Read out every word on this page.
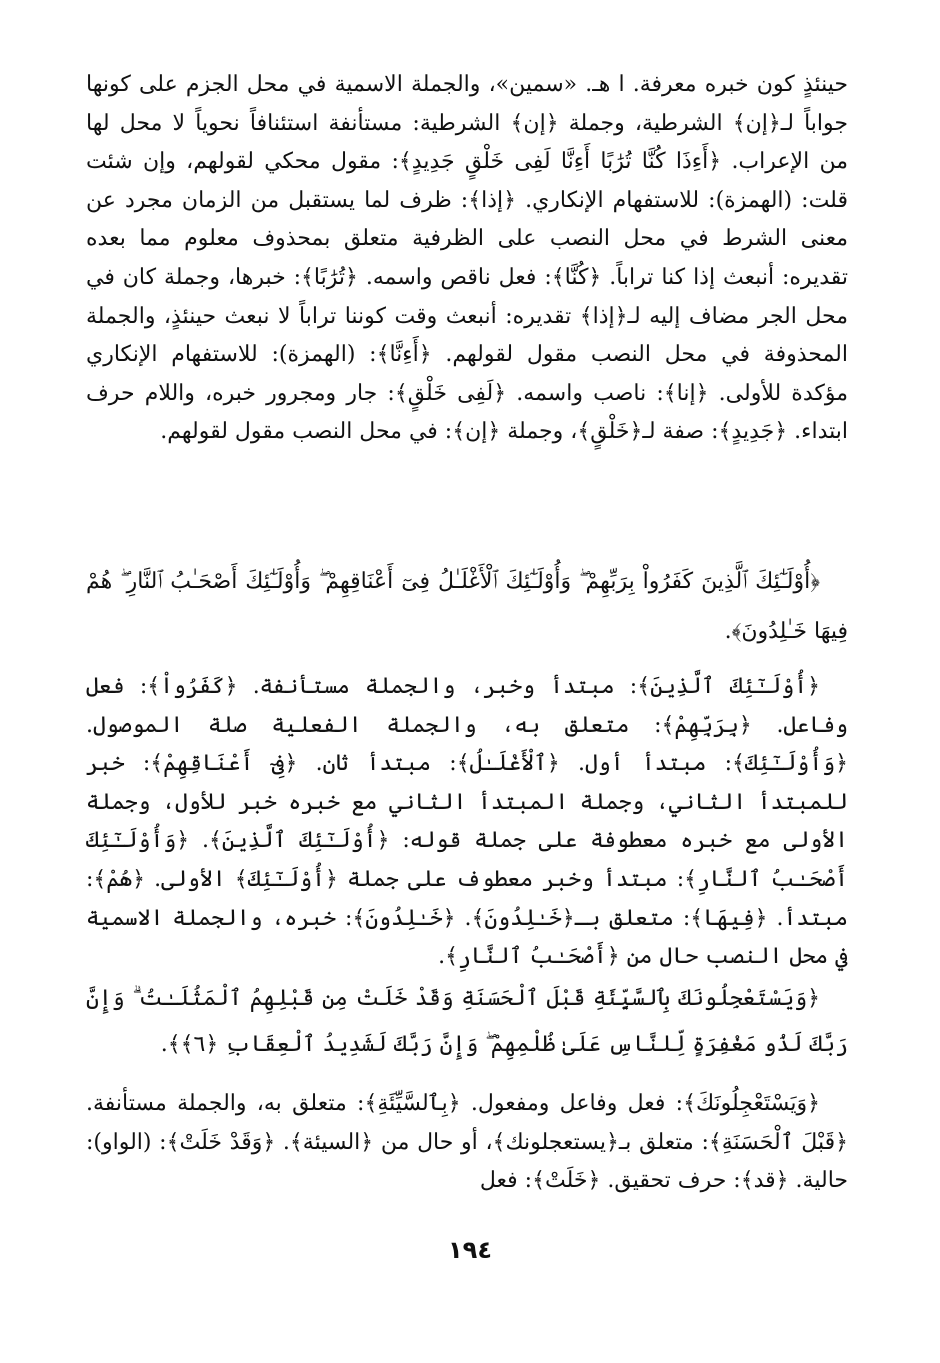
حينئذٍ كون خبره معرفة. ا هـ. «سمين»، والجملة الاسمية في محل الجزم على كونها جواباً لـ﴿إن﴾ الشرطية، وجملة ﴿إن﴾ الشرطية: مستأنفة استئنافاً نحوياً لا محل لها من الإعراب. ﴿أَءِذَا كُنَّا تُرَٰبًا أَءِنَّا لَفِى خَلْقٍ جَدِيدٍ﴾: مقول محكي لقولهم، وإن شئت قلت: (الهمزة): للاستفهام الإنكاري. ﴿إذا﴾: ظرف لما يستقبل من الزمان مجرد عن معنى الشرط في محل النصب على الظرفية متعلق بمحذوف معلوم مما بعده تقديره: أنبعث إذا كنا تراباً. ﴿كُنَّا﴾: فعل ناقص واسمه. ﴿تُرَٰبًا﴾: خبرها، وجملة كان في محل الجر مضاف إليه لـ﴿إذا﴾ تقديره: أنبعث وقت كوننا تراباً لا نبعث حينئذٍ، والجملة المحذوفة في محل النصب مقول لقولهم. ﴿أَءِنَّا﴾: (الهمزة): للاستفهام الإنكاري مؤكدة للأولى. ﴿إنا﴾: ناصب واسمه. ﴿لَفِى خَلْقٍ﴾: جار ومجرور خبره، واللام حرف ابتداء. ﴿جَدِيدٍ﴾: صفة لـ﴿خَلْقٍ﴾، وجملة ﴿إن﴾: في محل النصب مقول لقولهم.

﴿أُوْلَـٰٓئِكَ ٱلَّذِينَ كَفَرُواْ بِرَبِّهِمْ ۖ وَأُوْلَـٰٓئِكَ ٱلْأَغْلَـٰلُ فِىٓ أَعْنَاقِهِمْ ۖ وَأُوْلَـٰٓئِكَ أَصْحَـٰبُ ٱلنَّارِ ۖ هُمْ فِيهَا خَـٰلِدُونَ﴾.

﴿أُوْلَـٰٓئِكَ ٱلَّذِينَ﴾: مبتدأ وخبر، والجملة مستأنفة. ﴿كَفَرُواْ﴾: فعل وفاعل. ﴿بِرَبِّهِمْ﴾: متعلق به، والجملة الفعلية صلة الموصول. ﴿وَأُوْلَـٰٓئِكَ﴾: مبتدأ أول. ﴿ٱلْأَغْلَـٰلُ﴾: مبتدأ ثان. ﴿فِىٓ أَعْنَاقِهِمْ﴾: خبر للمبتدأ الثاني، وجملة المبتدأ الثاني مع خبره خبر للأول، وجملة الأولى مع خبره معطوفة على جملة قوله: ﴿أُوْلَـٰٓئِكَ ٱلَّذِينَ﴾. ﴿وَأُوْلَـٰٓئِكَ أَصْحَـٰبُ ٱلنَّارِ﴾: مبتدأ وخبر معطوف على جملة ﴿أُوْلَـٰٓئِكَ﴾ الأولى. ﴿هُمْ﴾: مبتدأ. ﴿فِيهَا﴾: متعلق بـ﴿خَـٰلِدُونَ﴾. ﴿خَـٰلِدُونَ﴾: خبره، والجملة الاسمية في محل النصب حال من ﴿أَصْحَـٰبُ ٱلنَّارِ﴾.

﴿وَيَسْتَعْجِلُونَكَ بِٱلسَّيِّئَةِ قَبْلَ ٱلْحَسَنَةِ وَقَدْ خَلَتْ مِن قَبْلِهِمُ ٱلْمَثُلَـٰتُ ۗ وَإِنَّ رَبَّكَ لَذُو مَغْفِرَةٍ لِّلنَّاسِ عَلَىٰ ظُلْمِهِمْ ۖ وَإِنَّ رَبَّكَ لَشَدِيدُ ٱلْعِقَابِ ﴿٦﴾﴾.

﴿وَيَسْتَعْجِلُونَكَ﴾: فعل وفاعل ومفعول. ﴿بِٱلسَّيِّئَةِ﴾: متعلق به، والجملة مستأنفة. ﴿قَبْلَ ٱلْحَسَنَةِ﴾: متعلق بـ﴿يستعجلونك﴾، أو حال من ﴿السيئة﴾. ﴿وَقَدْ خَلَتْ﴾: (الواو): حالية. ﴿قد﴾: حرف تحقيق. ﴿خَلَتْ﴾: فعل

١٩٤
